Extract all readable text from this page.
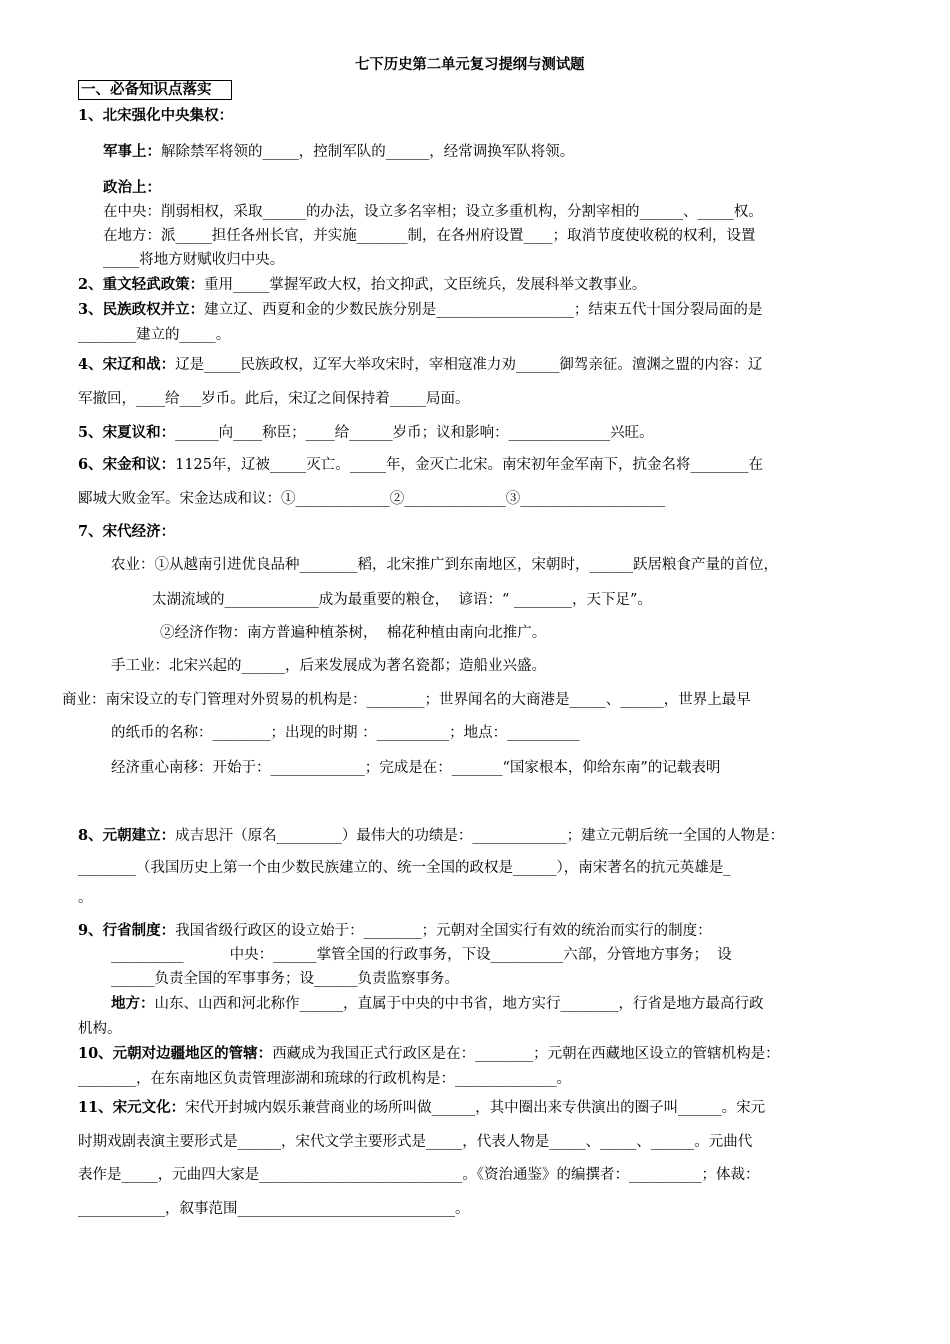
七下历史第二单元复习提纲与测试题
一、必备知识点落实
1、北宋强化中央集权：
军事上：解除禁军将领的_____，控制军队的______，经常调换军队将领。
政治上：
在中央：削弱相权，采取______的办法，设立多名宰相；设立多重机构，分割宰相的______、_____权。
在地方：派_____担任各州长官，并实施_______制，在各州府设置____；取消节度使收税的权利，设置
_____将地方财赋收归中央。
2、重文轻武政策：重用_____掌握军政大权，抬文抑武，文臣统兵，发展科举文教事业。
3、民族政权并立：建立辽、西夏和金的少数民族分别是___________________；结束五代十国分裂局面的是
________建立的_____。
4、宋辽和战：辽是_____民族政权，辽军大举攻宋时，宰相寇准力劝______御驾亲征。澶渊之盟的内容：辽
军撤回，____给___岁币。此后，宋辽之间保持着_____局面。
5、宋夏议和：______向____称臣；____给______岁币；议和影响：______________兴旺。
6、宋金和议：1125年，辽被_____灭亡。_____年，金灭亡北宋。南宋初年金军南下，抗金名将________在
郾城大败金军。宋金达成和议：①_____________②______________③____________________
7、宋代经济：
农业：①从越南引进优良品种________稻，北宋推广到东南地区，宋朝时，______跃居粮食产量的首位，
太湖流域的_____________成为最重要的粮仓，  谚语：“ ________，天下足”。
②经济作物：南方普遍种植茶树，  棉花种植由南向北推广。
手工业：北宋兴起的______，后来发展成为著名瓷都；造船业兴盛。
商业：南宋设立的专门管理对外贸易的机构是：________；世界闻名的大商港是_____、______，世界上最早
的纸币的名称：________；出现的时期 ：__________；地点：__________
经济重心南移：开始于：_____________；完成是在：_______“国家根本，仰给东南”的记载表明
8、元朝建立：成吉思汗（原名_________）最伟大的功绩是：_____________；建立元朝后统一全国的人物是：
________（我国历史上第一个由少数民族建立的、统一全国的政权是______），南宋著名的抗元英雄是_
。
9、行省制度：我国省级行政区的设立始于：________；元朝对全国实行有效的统治而实行的制度：
__________          中央：______掌管全国的行政事务，下设__________六部，分管地方事务；  设
______负责全国的军事事务；设______负责监察事务。
地方：山东、山西和河北称作______，直属于中央的中书省，地方实行________，行省是地方最高行政
机构。
10、元朝对边疆地区的管辖：西藏成为我国正式行政区是在：________；元朝在西藏地区设立的管辖机构是：
________，在东南地区负责管理澎湖和琉球的行政机构是：______________。
11、宋元文化：宋代开封城内娱乐兼营商业的场所叫做______，其中圈出来专供演出的圈子叫______。宋元
时期戏剧表演主要形式是______，宋代文学主要形式是_____，代表人物是_____、_____、______。元曲代
表作是_____，元曲四大家是____________________________。《资治通鉴》的编撰者：__________；体裁：
____________，叙事范围______________________________。
